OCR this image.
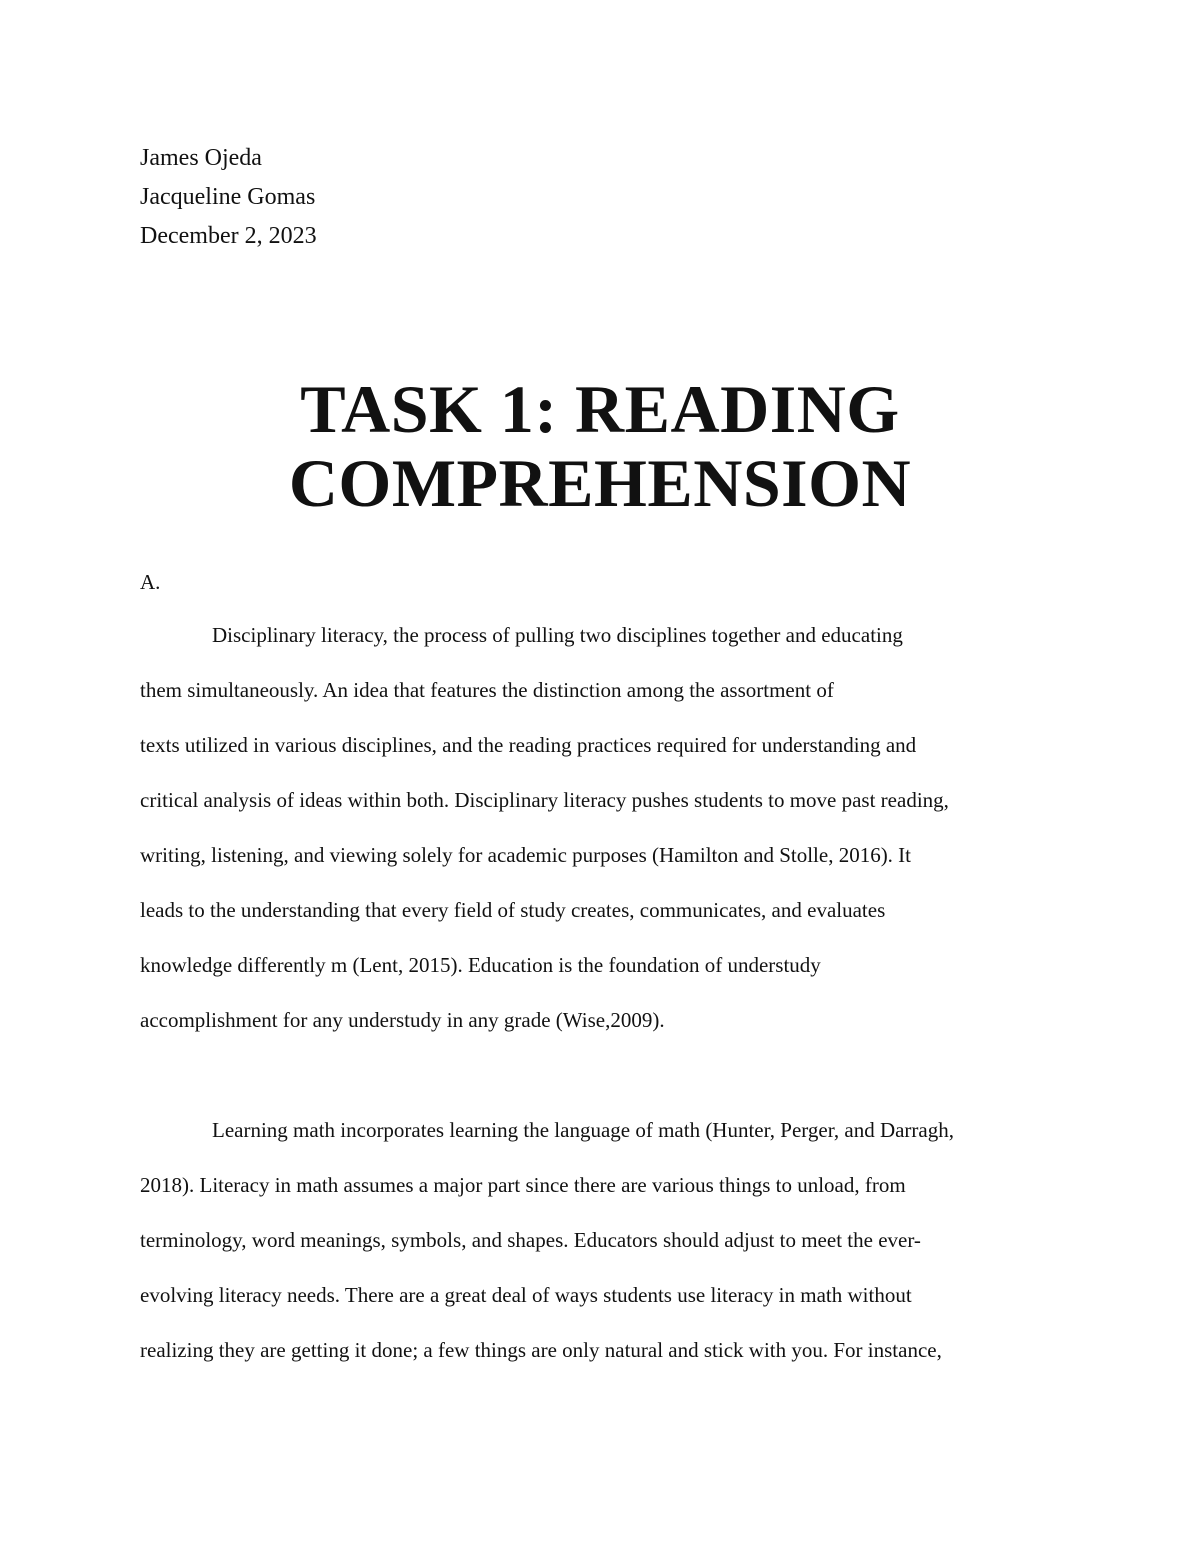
James Ojeda
Jacqueline Gomas
December 2, 2023
TASK 1: READING
COMPREHENSION
A.
Disciplinary literacy, the process of pulling two disciplines together and educating
them simultaneously. An idea that features the distinction among the assortment of
texts utilized in various disciplines, and the reading practices required for understanding and
critical analysis of ideas within both. Disciplinary literacy pushes students to move past reading,
writing, listening, and viewing solely for academic purposes (Hamilton and Stolle, 2016). It
leads to the understanding that every field of study creates, communicates, and evaluates
knowledge differently m (Lent, 2015). Education is the foundation of understudy
accomplishment for any understudy in any grade (Wise,2009).
Learning math incorporates learning the language of math (Hunter, Perger, and Darragh,
2018). Literacy in math assumes a major part since there are various things to unload, from
terminology, word meanings, symbols, and shapes. Educators should adjust to meet the ever-
evolving literacy needs. There are a great deal of ways students use literacy in math without
realizing they are getting it done; a few things are only natural and stick with you. For instance,
